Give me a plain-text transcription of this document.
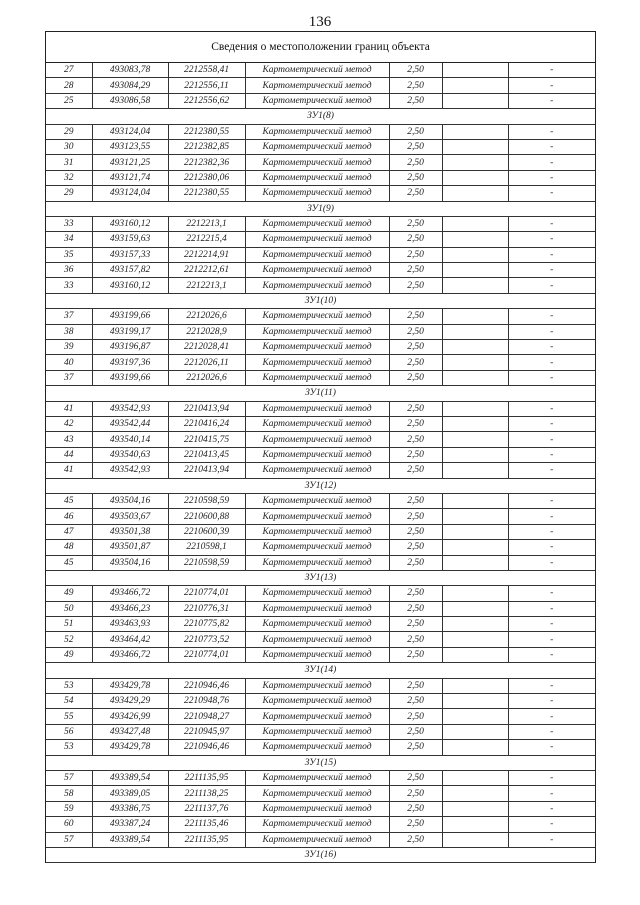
136
Сведения о местоположении границ объекта
27	493083,78	2212558,41	Картометрический метод	2,50		-
28	493084,29	2212556,11	Картометрический метод	2,50		-
25	493086,58	2212556,62	Картометрический метод	2,50		-
ЗУ1(8)						
29	493124,04	2212380,55	Картометрический метод	2,50		-
30	493123,55	2212382,85	Картометрический метод	2,50		-
31	493121,25	2212382,36	Картометрический метод	2,50		-
32	493121,74	2212380,06	Картометрический метод	2,50		-
29	493124,04	2212380,55	Картометрический метод	2,50		-
ЗУ1(9)						
33	493160,12	2212213,1	Картометрический метод	2,50		-
34	493159,63	2212215,4	Картометрический метод	2,50		-
35	493157,33	2212214,91	Картометрический метод	2,50		-
36	493157,82	2212212,61	Картометрический метод	2,50		-
33	493160,12	2212213,1	Картометрический метод	2,50		-
ЗУ1(10)						
37	493199,66	2212026,6	Картометрический метод	2,50		-
38	493199,17	2212028,9	Картометрический метод	2,50		-
39	493196,87	2212028,41	Картометрический метод	2,50		-
40	493197,36	2212026,11	Картометрический метод	2,50		-
37	493199,66	2212026,6	Картометрический метод	2,50		-
ЗУ1(11)						
41	493542,93	2210413,94	Картометрический метод	2,50		-
42	493542,44	2210416,24	Картометрический метод	2,50		-
43	493540,14	2210415,75	Картометрический метод	2,50		-
44	493540,63	2210413,45	Картометрический метод	2,50		-
41	493542,93	2210413,94	Картометрический метод	2,50		-
ЗУ1(12)						
45	493504,16	2210598,59	Картометрический метод	2,50		-
46	493503,67	2210600,88	Картометрический метод	2,50		-
47	493501,38	2210600,39	Картометрический метод	2,50		-
48	493501,87	2210598,1	Картометрический метод	2,50		-
45	493504,16	2210598,59	Картометрический метод	2,50		-
ЗУ1(13)						
49	493466,72	2210774,01	Картометрический метод	2,50		-
50	493466,23	2210776,31	Картометрический метод	2,50		-
51	493463,93	2210775,82	Картометрический метод	2,50		-
52	493464,42	2210773,52	Картометрический метод	2,50		-
49	493466,72	2210774,01	Картометрический метод	2,50		-
ЗУ1(14)						
53	493429,78	2210946,46	Картометрический метод	2,50		-
54	493429,29	2210948,76	Картометрический метод	2,50		-
55	493426,99	2210948,27	Картометрический метод	2,50		-
56	493427,48	2210945,97	Картометрический метод	2,50		-
53	493429,78	2210946,46	Картометрический метод	2,50		-
ЗУ1(15)						
57	493389,54	2211135,95	Картометрический метод	2,50		-
58	493389,05	2211138,25	Картометрический метод	2,50		-
59	493386,75	2211137,76	Картометрический метод	2,50		-
60	493387,24	2211135,46	Картометрический метод	2,50		-
57	493389,54	2211135,95	Картометрический метод	2,50		-
ЗУ1(16)						
